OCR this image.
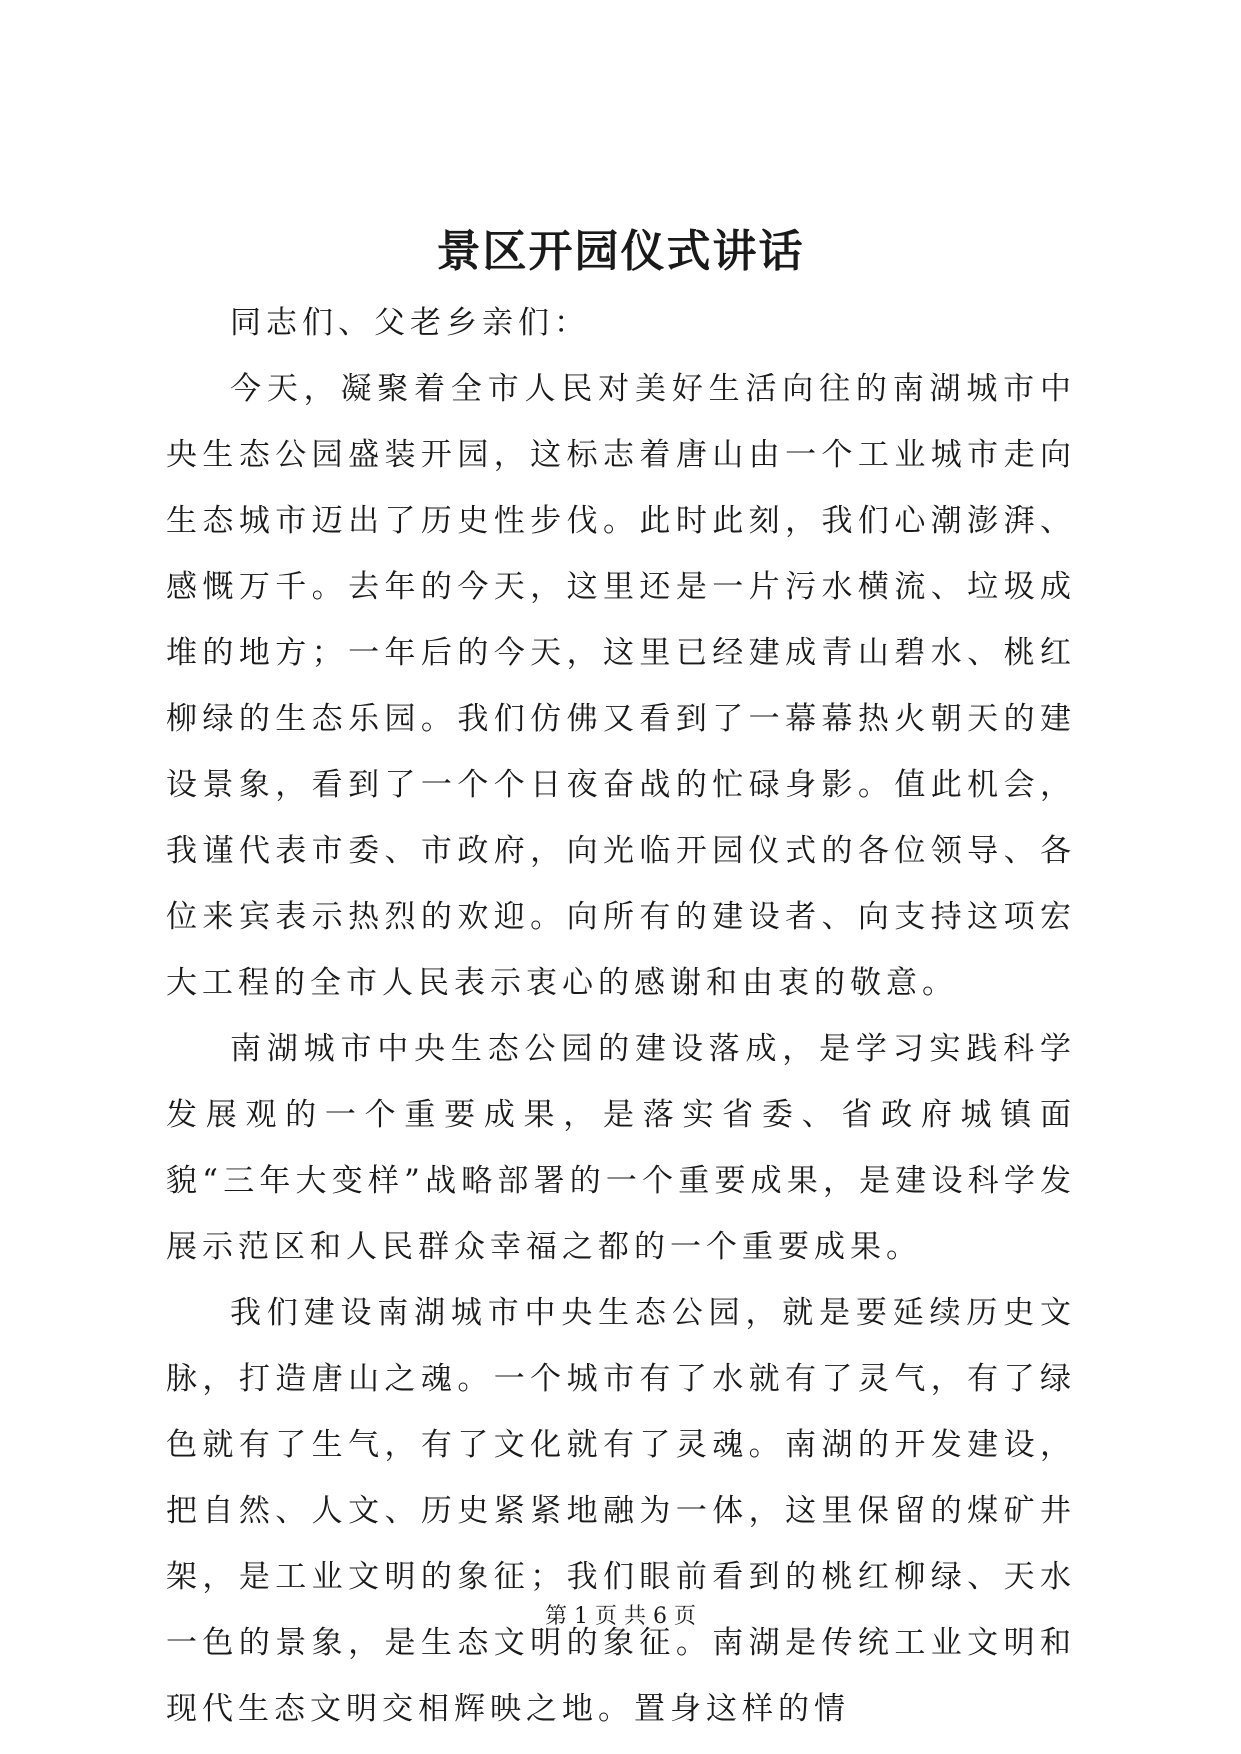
景区开园仪式讲话

同志们、父老乡亲们：

今天，凝聚着全市人民对美好生活向往的南湖城市中央生态公园盛装开园，这标志着唐山由一个工业城市走向生态城市迈出了历史性步伐。此时此刻，我们心潮澎湃、感慨万千。去年的今天，这里还是一片污水横流、垃圾成堆的地方；一年后的今天，这里已经建成青山碧水、桃红柳绿的生态乐园。我们仿佛又看到了一幕幕热火朝天的建设景象，看到了一个个日夜奋战的忙碌身影。值此机会，我谨代表市委、市政府，向光临开园仪式的各位领导、各位来宾表示热烈的欢迎。向所有的建设者、向支持这项宏大工程的全市人民表示衷心的感谢和由衷的敬意。

南湖城市中央生态公园的建设落成，是学习实践科学发展观的一个重要成果，是落实省委、省政府城镇面貌“三年大变样”战略部署的一个重要成果，是建设科学发展示范区和人民群众幸福之都的一个重要成果。

我们建设南湖城市中央生态公园，就是要延续历史文脉，打造唐山之魂。一个城市有了水就有了灵气，有了绿色就有了生气，有了文化就有了灵魂。南湖的开发建设，把自然、人文、历史紧紧地融为一体，这里保留的煤矿井架，是工业文明的象征；我们眼前看到的桃红柳绿、天水一色的景象，是生态文明的象征。南湖是传统工业文明和现代生态文明交相辉映之地。置身这样的情

第 1 页 共 6 页
